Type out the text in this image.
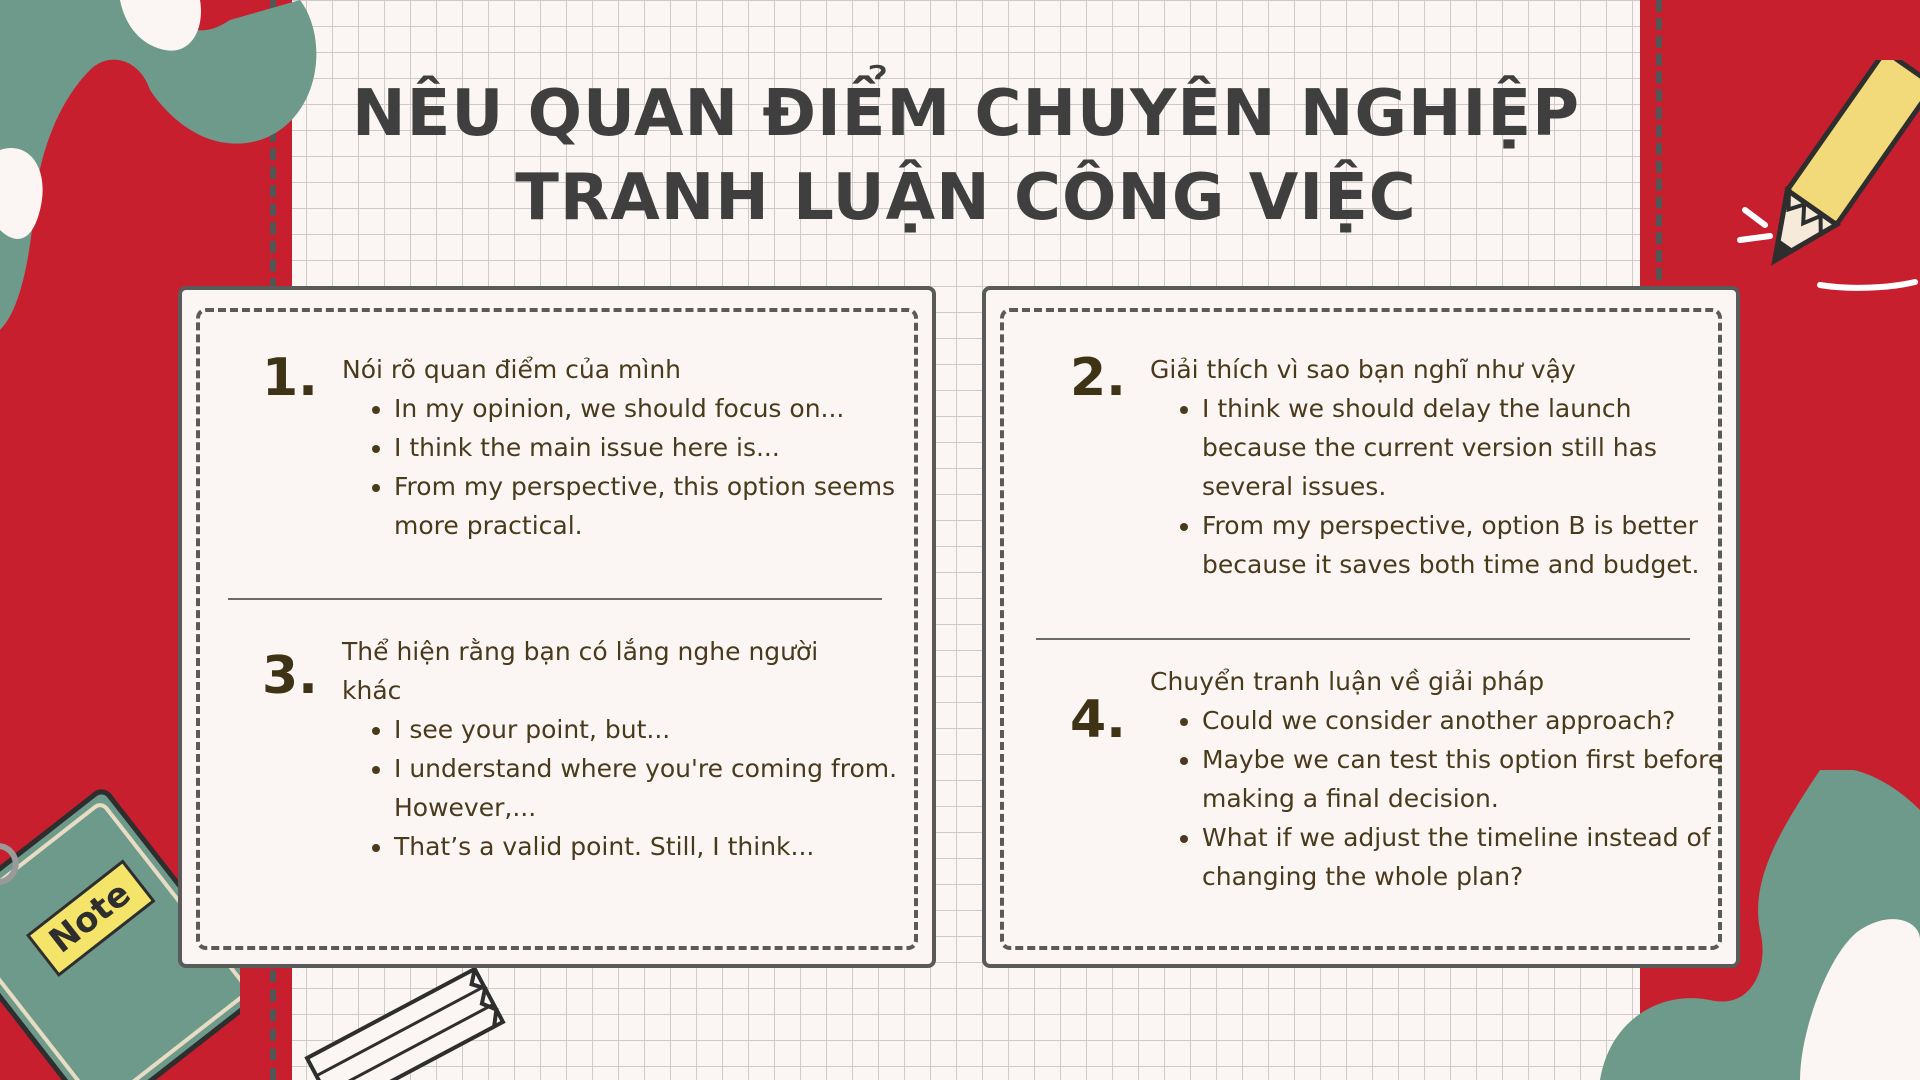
Note
NÊU QUAN ĐIỂM CHUYÊN NGHIỆP
TRANH LUẬN CÔNG VIỆC
1. Nói rõ quan điểm của mình

• In my opinion, we should focus on...
• I think the main issue here is...
• From my perspective, this option seems more practical.
3. Thể hiện rằng bạn có lắng nghe người khác

• I see your point, but...
• I understand where you're coming from. However,...
• That’s a valid point. Still, I think...
2. Giải thích vì sao bạn nghĩ như vậy

• I think we should delay the launch because the current version still has several issues.
• From my perspective, option B is better because it saves both time and budget.
4.

Chuyển tranh luận về giải pháp

• Could we consider another approach?
• Maybe we can test this option first before making a final decision.
• What if we adjust the timeline instead of changing the whole plan?
